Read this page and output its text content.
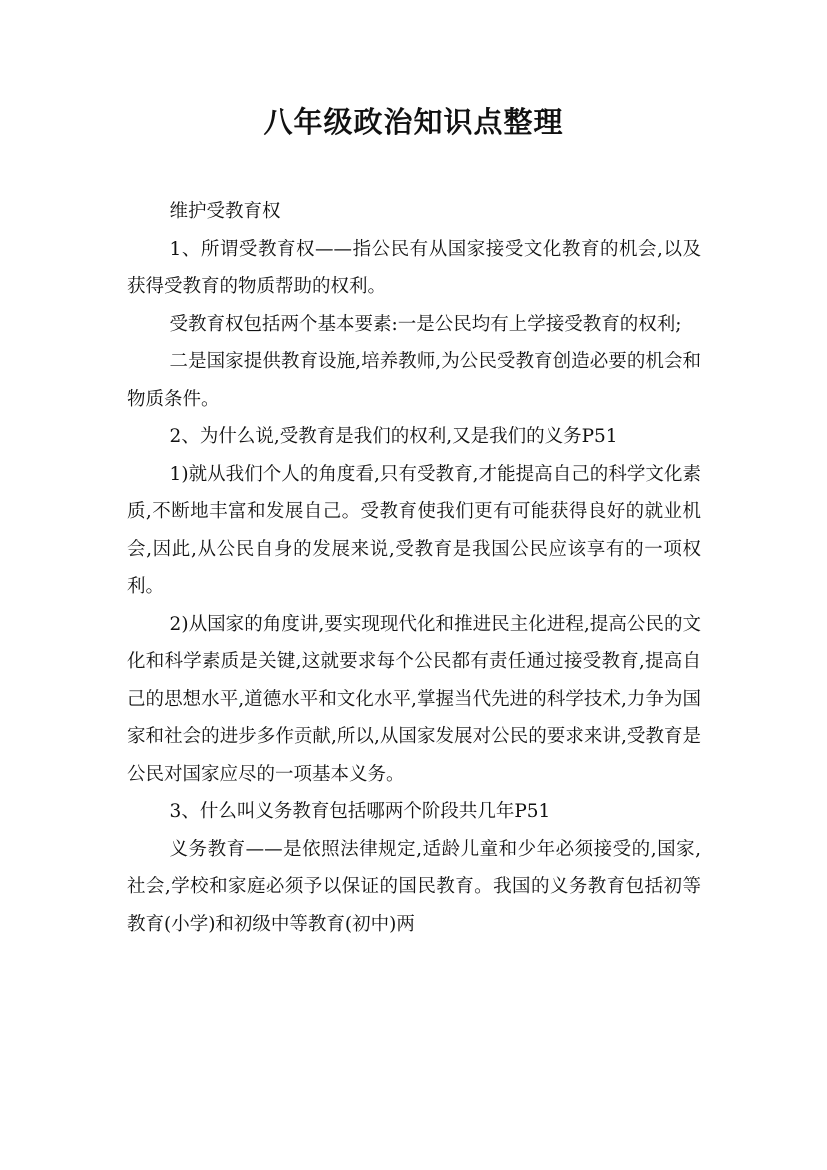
八年级政治知识点整理

维护受教育权

1、所谓受教育权——指公民有从国家接受文化教育的机会,以及获得受教育的物质帮助的权利。

受教育权包括两个基本要素:一是公民均有上学接受教育的权利;

二是国家提供教育设施,培养教师,为公民受教育创造必要的机会和物质条件。

2、为什么说,受教育是我们的权利,又是我们的义务P51

1)就从我们个人的角度看,只有受教育,才能提高自己的科学文化素质,不断地丰富和发展自己。受教育使我们更有可能获得良好的就业机会,因此,从公民自身的发展来说,受教育是我国公民应该享有的一项权利。

2)从国家的角度讲,要实现现代化和推进民主化进程,提高公民的文化和科学素质是关键,这就要求每个公民都有责任通过接受教育,提高自己的思想水平,道德水平和文化水平,掌握当代先进的科学技术,力争为国家和社会的进步多作贡献,所以,从国家发展对公民的要求来讲,受教育是公民对国家应尽的一项基本义务。

3、什么叫义务教育包括哪两个阶段共几年P51

义务教育——是依照法律规定,适龄儿童和少年必须接受的,国家,社会,学校和家庭必须予以保证的国民教育。我国的义务教育包括初等教育(小学)和初级中等教育(初中)两
